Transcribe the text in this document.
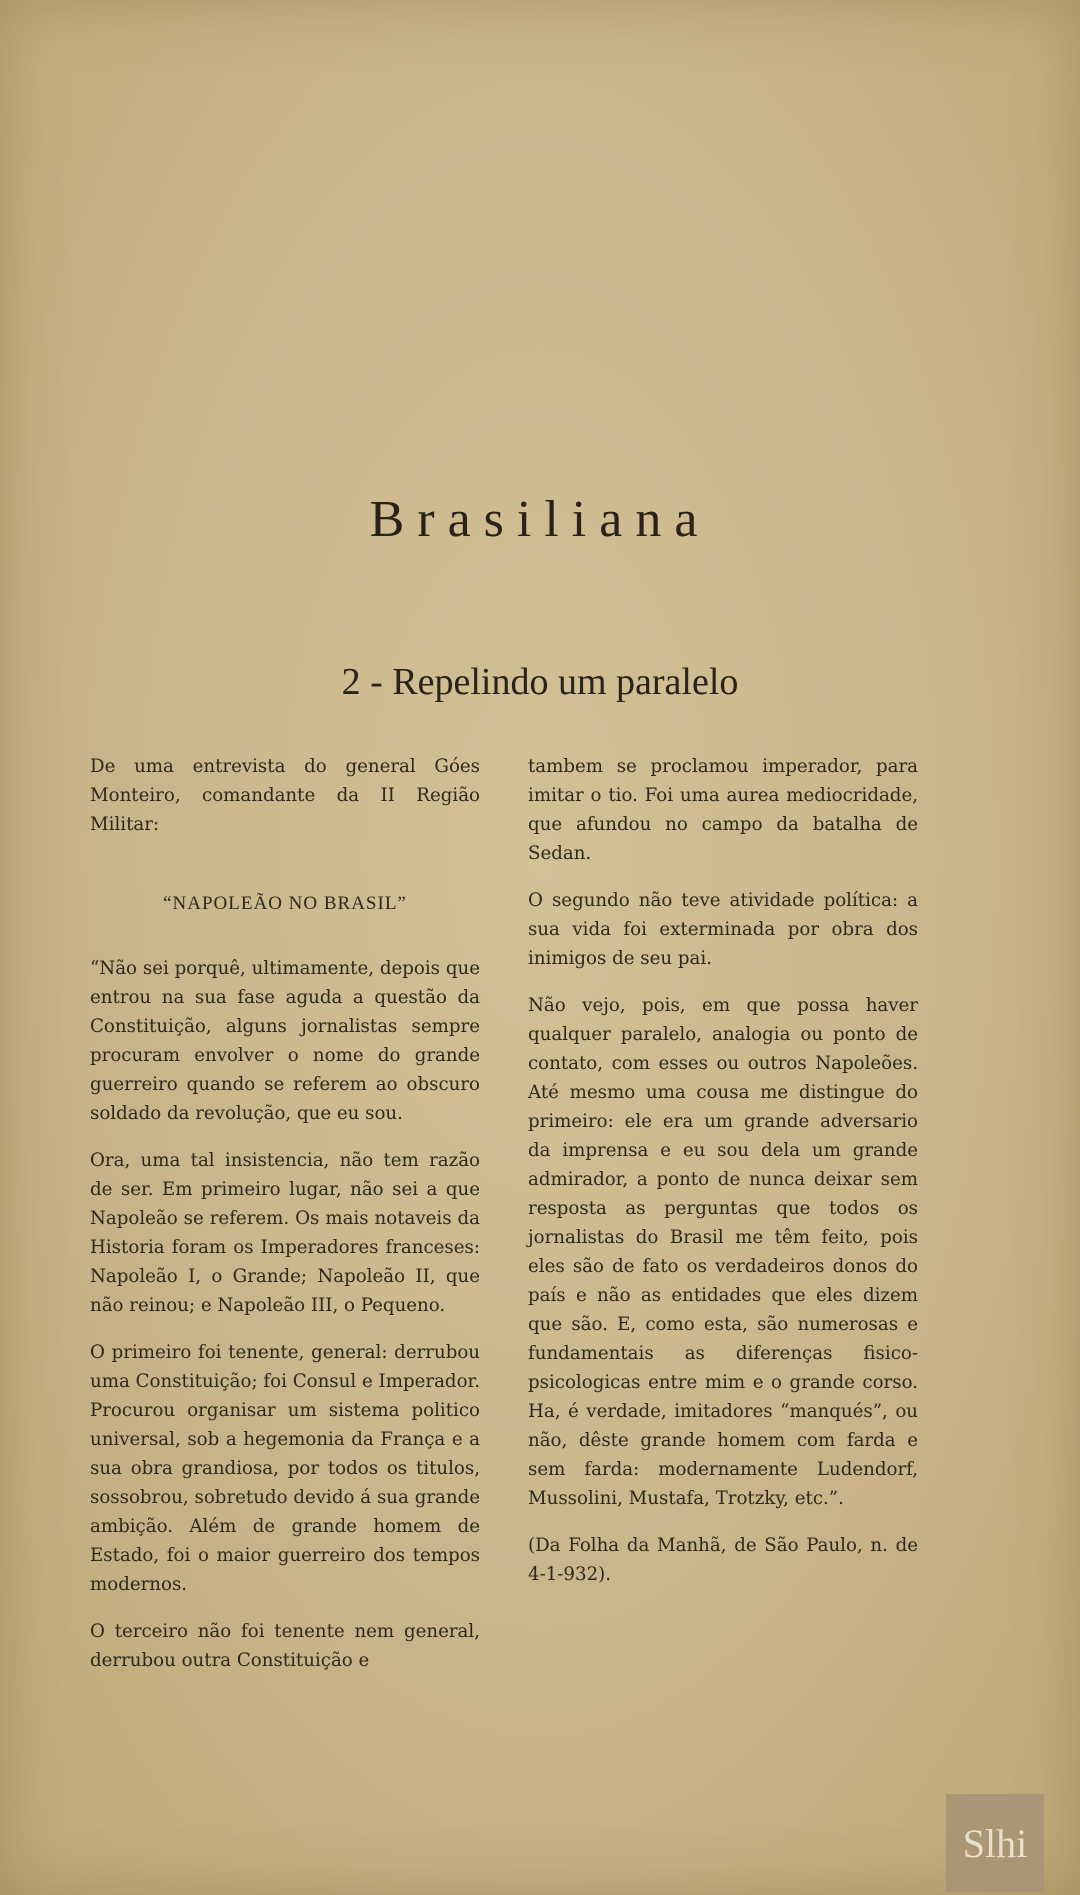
Brasiliana
2 - Repelindo um paralelo

De uma entrevista do general Góes Monteiro, comandante da II Região Militar:

“NAPOLEÃO NO BRASIL”

“Não sei porquê, ultimamente, depois que entrou na sua fase aguda a questão da Constituição, alguns jornalistas sempre procuram envolver o nome do grande guerreiro quando se referem ao obscuro soldado da revolução, que eu sou.

Ora, uma tal insistencia, não tem razão de ser. Em primeiro lugar, não sei a que Napoleão se referem. Os mais notaveis da Historia foram os Imperadores franceses: Napoleão I, o Grande; Napoleão II, que não reinou; e Napoleão III, o Pequeno.

O primeiro foi tenente, general: derrubou uma Constituição; foi Consul e Imperador. Procurou organisar um sistema politico universal, sob a hegemonia da França e a sua obra grandiosa, por todos os titulos, sossobrou, sobretudo devido á sua grande ambição. Além de grande homem de Estado, foi o maior guerreiro dos tempos modernos.

O terceiro não foi tenente nem general, derrubou outra Constituição e

tambem se proclamou imperador, para imitar o tio. Foi uma aurea mediocridade, que afundou no campo da batalha de Sedan.

O segundo não teve atividade política: a sua vida foi exterminada por obra dos inimigos de seu pai.

Não vejo, pois, em que possa haver qualquer paralelo, analogia ou ponto de contato, com esses ou outros Napoleões. Até mesmo uma cousa me distingue do primeiro: ele era um grande adversario da imprensa e eu sou dela um grande admirador, a ponto de nunca deixar sem resposta as perguntas que todos os jornalistas do Brasil me têm feito, pois eles são de fato os verdadeiros donos do país e não as entidades que eles dizem que são. E, como esta, são numerosas e fundamentais as diferenças fisico-psicologicas entre mim e o grande corso. Ha, é verdade, imitadores “manqués”, ou não, dêste grande homem com farda e sem farda: modernamente Ludendorf, Mussolini, Mustafa, Trotzky, etc.”.

(Da Folha da Manhã, de São Paulo, n. de 4-1-932).

Slhi
